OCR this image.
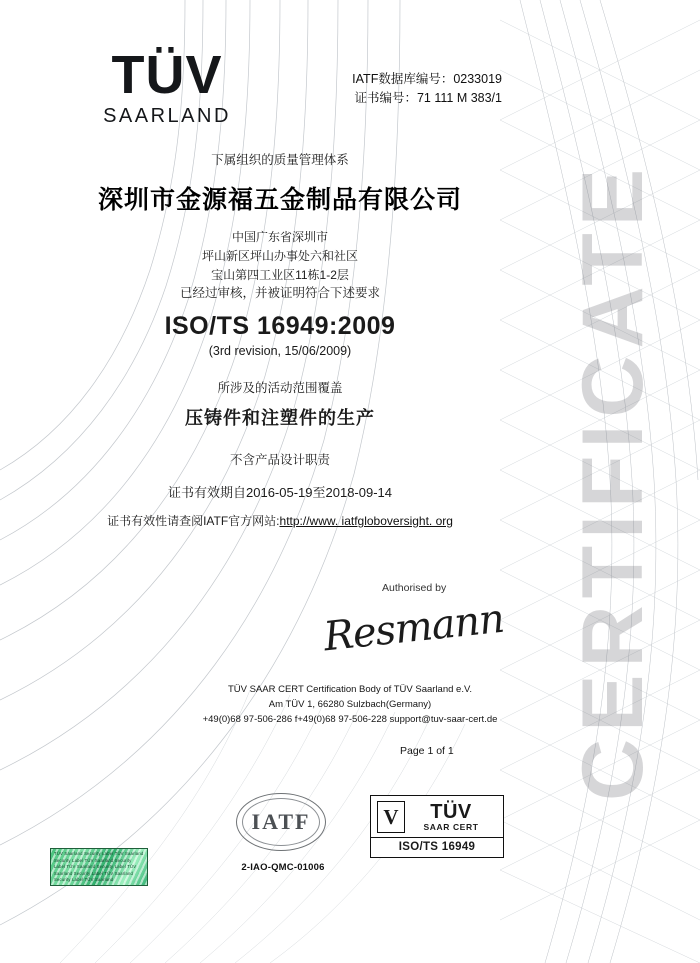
CERTIFICATE
TÜV
SAARLAND
IATF数据库编号：0233019
证书编号：71 111 M 383/1
下属组织的质量管理体系
深圳市金源福五金制品有限公司
中国广东省深圳市
坪山新区坪山办事处六和社区
宝山第四工业区11栋1-2层
已经过审核，并被证明符合下述要求
ISO/TS 16949:2009
(3rd revision, 15/06/2009)
所涉及的活动范围覆盖
压铸件和注塑件的生产
不含产品设计职责
证书有效期自2016-05-19至2018-09-14
证书有效性请查阅IATF官方网站:http://www. iatfgloboversight. org
Authorised by
Resmann
TÜV SAAR CERT Certification Body of TÜV Saarland e.V.
Am TÜV 1, 66280 Sulzbach(Germany)
+49(0)68 97-506-286 f+49(0)68 97-506-228 support@tuv-saar-cert.de
Page 1 of 1
IATF
2-IAO-QMC-01006
V	TÜV
SAAR CERT
ISO/TS 16949
TÜV Saarland Security Label TÜV Saarland Security Label TÜV Saarland Security Label TÜV Saarland Security Label TÜV Saarland Security Label TÜV Saarland Security Label TÜV Saarland
